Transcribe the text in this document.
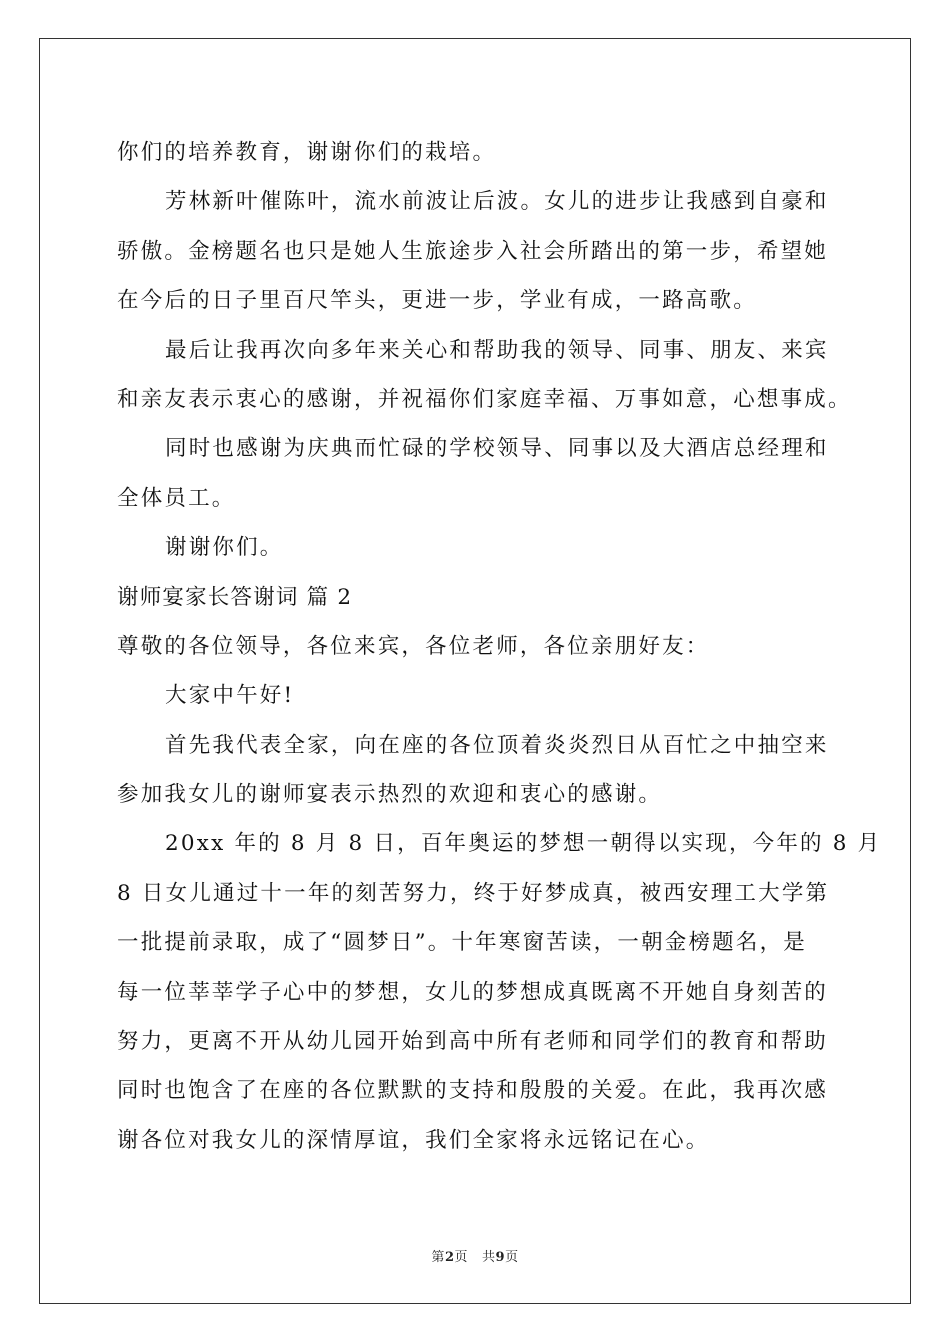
你们的培养教育，谢谢你们的栽培。

芳林新叶催陈叶，流水前波让后波。女儿的进步让我感到自豪和

骄傲。金榜题名也只是她人生旅途步入社会所踏出的第一步，希望她

在今后的日子里百尺竿头，更进一步，学业有成，一路高歌。

最后让我再次向多年来关心和帮助我的领导、同事、朋友、来宾

和亲友表示衷心的感谢，并祝福你们家庭幸福、万事如意，心想事成。

同时也感谢为庆典而忙碌的学校领导、同事以及大酒店总经理和

全体员工。

谢谢你们。

谢师宴家长答谢词 篇 2

尊敬的各位领导，各位来宾，各位老师，各位亲朋好友：

大家中午好!

首先我代表全家，向在座的各位顶着炎炎烈日从百忙之中抽空来

参加我女儿的谢师宴表示热烈的欢迎和衷心的感谢。

20xx 年的 8 月 8 日，百年奥运的梦想一朝得以实现，今年的 8 月

8 日女儿通过十一年的刻苦努力，终于好梦成真，被西安理工大学第

一批提前录取，成了“圆梦日”。十年寒窗苦读，一朝金榜题名，是

每一位莘莘学子心中的梦想，女儿的梦想成真既离不开她自身刻苦的

努力，更离不开从幼儿园开始到高中所有老师和同学们的教育和帮助

同时也饱含了在座的各位默默的支持和殷殷的关爱。在此，我再次感

谢各位对我女儿的深情厚谊，我们全家将永远铭记在心。

第2页 共9页
